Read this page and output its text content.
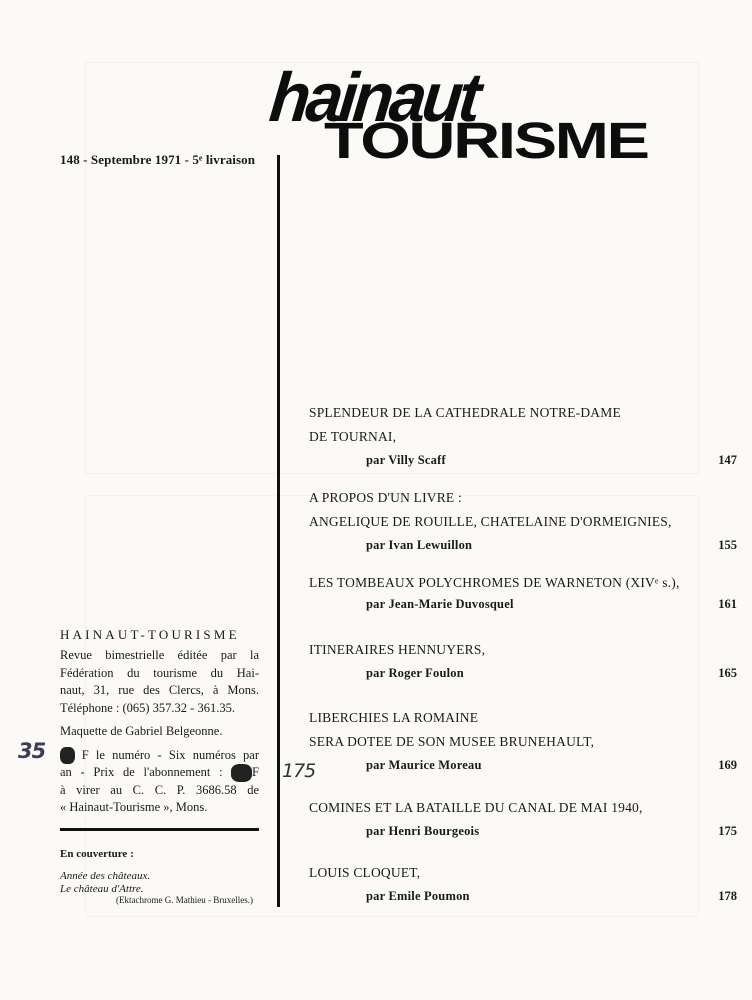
hainaut
TOURISME
148 - Septembre 1971 - 5ᵉ livraison
SPLENDEUR DE LA CATHEDRALE NOTRE-DAME
DE TOURNAI,
par Villy Scaff	147
A PROPOS D'UN LIVRE :
ANGELIQUE DE ROUILLE, CHATELAINE D'ORMEIGNIES,
par Ivan Lewuillon	155
LES TOMBEAUX POLYCHROMES DE WARNETON (XIVᵉ s.),
par Jean-Marie Duvosquel	161
ITINERAIRES HENNUYERS,
par Roger Foulon	165
LIBERCHIES LA ROMAINE
SERA DOTEE DE SON MUSEE BRUNEHAULT,
par Maurice Moreau	169
COMINES ET LA BATAILLE DU CANAL DE MAI 1940,
par Henri Bourgeois	175
LOUIS CLOQUET,
par Emile Poumon	178
HAINAUT-TOURISME

Revue bimestrielle éditée par la
Fédération du tourisme du Hai-
naut, 31, rue des Clercs, à Mons.
Téléphone : (065) 357.32 - 361.35.

Maquette de Gabriel Belgeonne.

20 F le numéro - Six numéros par
an - Prix de l'abonnement : 100F
à virer au C. C. P. 3686.58 de
« Hainaut-Tourisme », Mons.

En couverture :
Année des châteaux.
Le château d'Attre.
(Ektachrome G. Mathieu - Bruxelles.)
35
175
